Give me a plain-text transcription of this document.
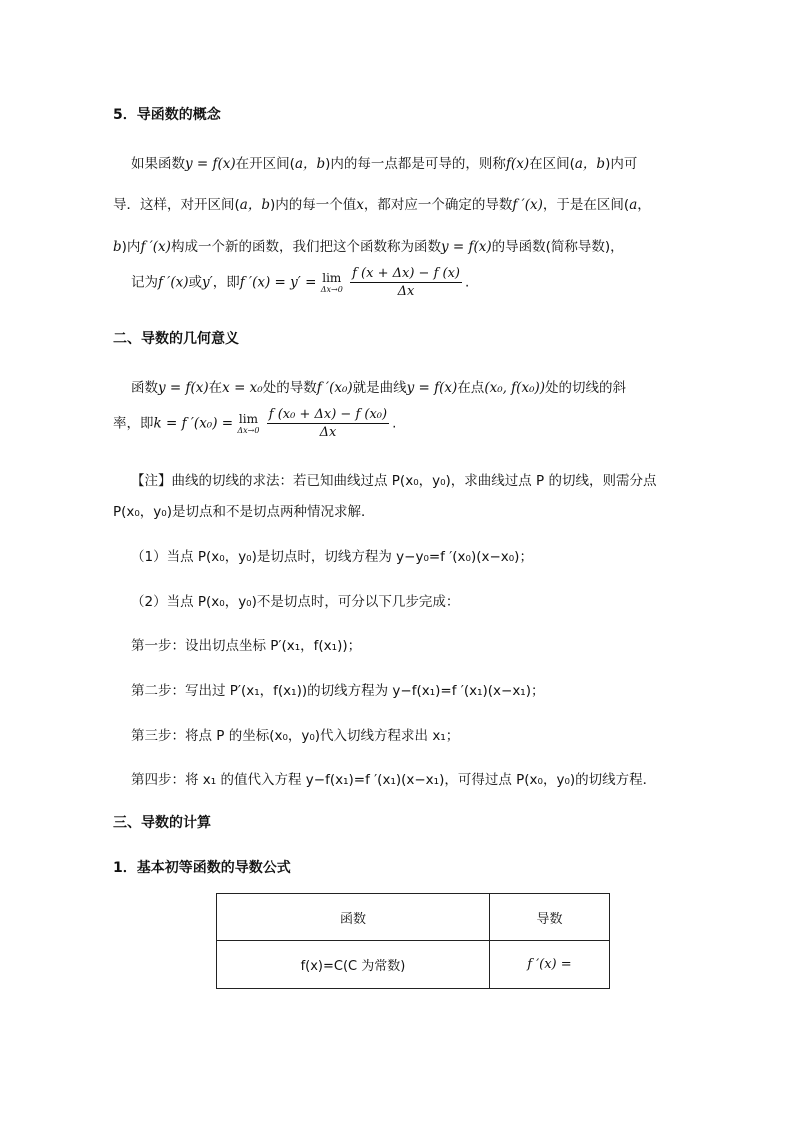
5．导函数的概念
如果函数y = f(x)在开区间(a，b)内的每一点都是可导的，则称f(x)在区间(a，b)内可
导．这样，对开区间(a，b)内的每一个值x，都对应一个确定的导数f ′(x)，于是在区间(a，
b)内f ′(x)构成一个新的函数，我们把这个函数称为函数y = f(x)的导函数(简称导数)，
记为f ′(x)或y′，即f ′(x) = y′ = lim
Δx→0
$\frac{f (x + \Delta x) - f (x)}{\Delta x}$ .
二、导数的几何意义
函数y = f(x)在x = x₀处的导数f ′(x₀)就是曲线y = f(x)在点(x₀, f(x₀))处的切线的斜
率，即k = f ′(x₀) = lim
Δx→0
$\frac{\text{f (x₀ + Δx) − f (x₀)}}{\Delta x}$ .
【注】曲线的切线的求法：若已知曲线过点 P(x₀，y₀)，求曲线过点 P 的切线，则需分点
P(x₀，y₀)是切点和不是切点两种情况求解．
（1）当点 P(x₀，y₀)是切点时，切线方程为 y−y₀=f ′(x₀)(x−x₀)；
（2）当点 P(x₀，y₀)不是切点时，可分以下几步完成：
第一步：设出切点坐标 P′(x₁，f(x₁))；
第二步：写出过 P′(x₁，f(x₁))的切线方程为 y−f(x₁)=f ′(x₁)(x−x₁)；
第三步：将点 P 的坐标(x₀，y₀)代入切线方程求出 x₁；
第四步：将 x₁ 的值代入方程 y−f(x₁)=f ′(x₁)(x−x₁)，可得过点 P(x₀，y₀)的切线方程．
三、导数的计算
1．基本初等函数的导数公式
函数	导数
f(x)=C(C 为常数)	f ′(x) =
